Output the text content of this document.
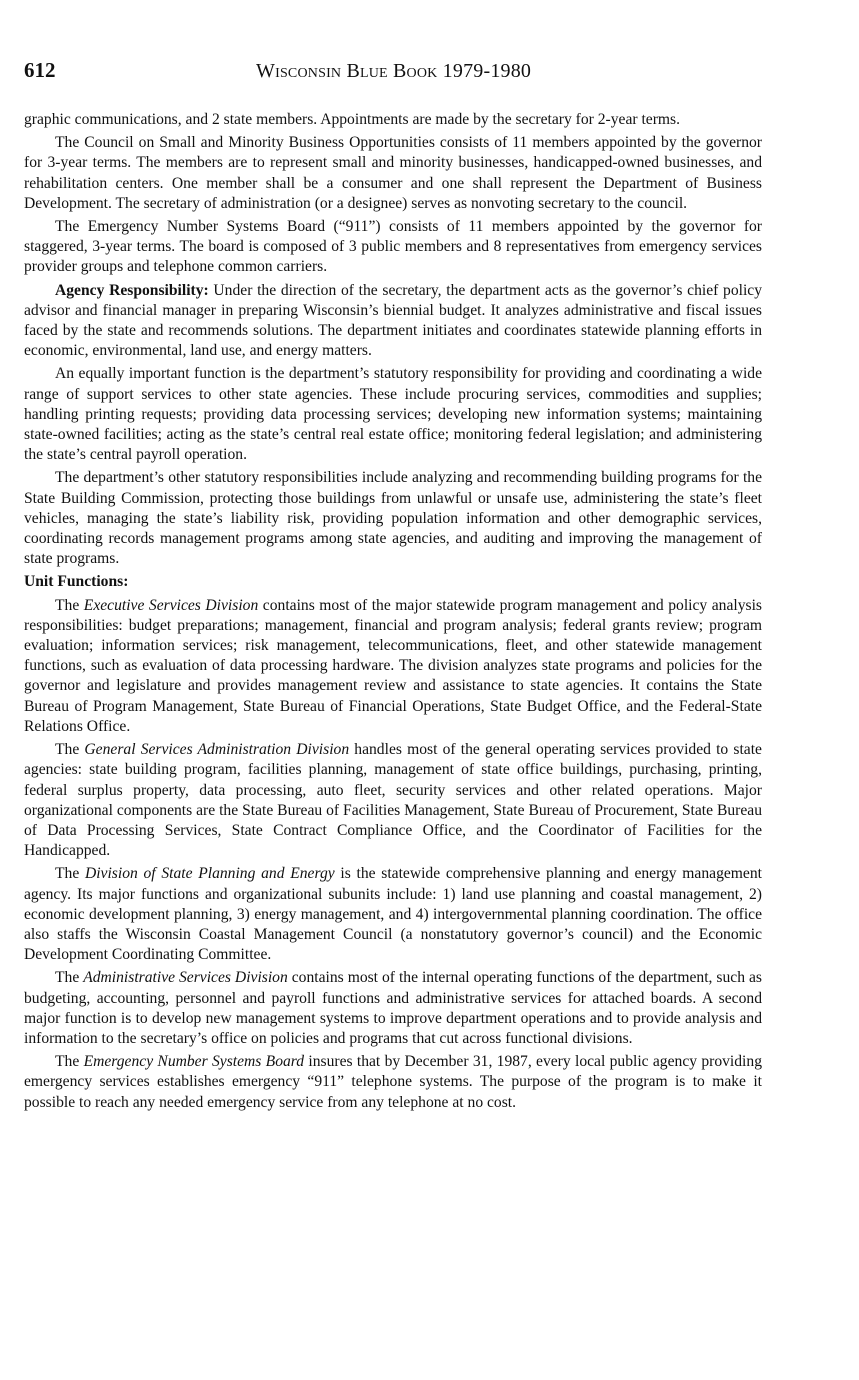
612	Wisconsin Blue Book 1979-1980

graphic communications, and 2 state members. Appointments are made by the secretary for 2-year terms.

The Council on Small and Minority Business Opportunities consists of 11 members appointed by the governor for 3-year terms. The members are to represent small and minority businesses, handicapped-owned businesses, and rehabilitation centers. One member shall be a consumer and one shall represent the Department of Business Development. The secretary of administration (or a designee) serves as nonvoting secretary to the council.

The Emergency Number Systems Board (“911”) consists of 11 members appointed by the governor for staggered, 3-year terms. The board is composed of 3 public members and 8 representatives from emergency services provider groups and telephone common carriers.

Agency Responsibility: Under the direction of the secretary, the department acts as the governor’s chief policy advisor and financial manager in preparing Wisconsin’s biennial budget. It analyzes administrative and fiscal issues faced by the state and recommends solutions. The department initiates and coordinates statewide planning efforts in economic, environmental, land use, and energy matters.

An equally important function is the department’s statutory responsibility for providing and coordinating a wide range of support services to other state agencies. These include procuring services, commodities and supplies; handling printing requests; providing data processing services; developing new information systems; maintaining state-owned facilities; acting as the state’s central real estate office; monitoring federal legislation; and administering the state’s central payroll operation.

The department’s other statutory responsibilities include analyzing and recommending building programs for the State Building Commission, protecting those buildings from unlawful or unsafe use, administering the state’s fleet vehicles, managing the state’s liability risk, providing population information and other demographic services, coordinating records management programs among state agencies, and auditing and improving the management of state programs.

Unit Functions:

The Executive Services Division contains most of the major statewide program management and policy analysis responsibilities: budget preparations; management, financial and program analysis; federal grants review; program evaluation; information services; risk management, telecommunications, fleet, and other statewide management functions, such as evaluation of data processing hardware. The division analyzes state programs and policies for the governor and legislature and provides management review and assistance to state agencies. It contains the State Bureau of Program Management, State Bureau of Financial Operations, State Budget Office, and the Federal-State Relations Office.

The General Services Administration Division handles most of the general operating services provided to state agencies: state building program, facilities planning, management of state office buildings, purchasing, printing, federal surplus property, data processing, auto fleet, security services and other related operations. Major organizational components are the State Bureau of Facilities Management, State Bureau of Procurement, State Bureau of Data Processing Services, State Contract Compliance Office, and the Coordinator of Facilities for the Handicapped.

The Division of State Planning and Energy is the statewide comprehensive planning and energy management agency. Its major functions and organizational subunits include: 1) land use planning and coastal management, 2) economic development planning, 3) energy management, and 4) intergovernmental planning coordination. The office also staffs the Wisconsin Coastal Management Council (a nonstatutory governor’s council) and the Economic Development Coordinating Committee.

The Administrative Services Division contains most of the internal operating functions of the department, such as budgeting, accounting, personnel and payroll functions and administrative services for attached boards. A second major function is to develop new management systems to improve department operations and to provide analysis and information to the secretary’s office on policies and programs that cut across functional divisions.

The Emergency Number Systems Board insures that by December 31, 1987, every local public agency providing emergency services establishes emergency “911” telephone systems. The purpose of the program is to make it possible to reach any needed emergency service from any telephone at no cost.
